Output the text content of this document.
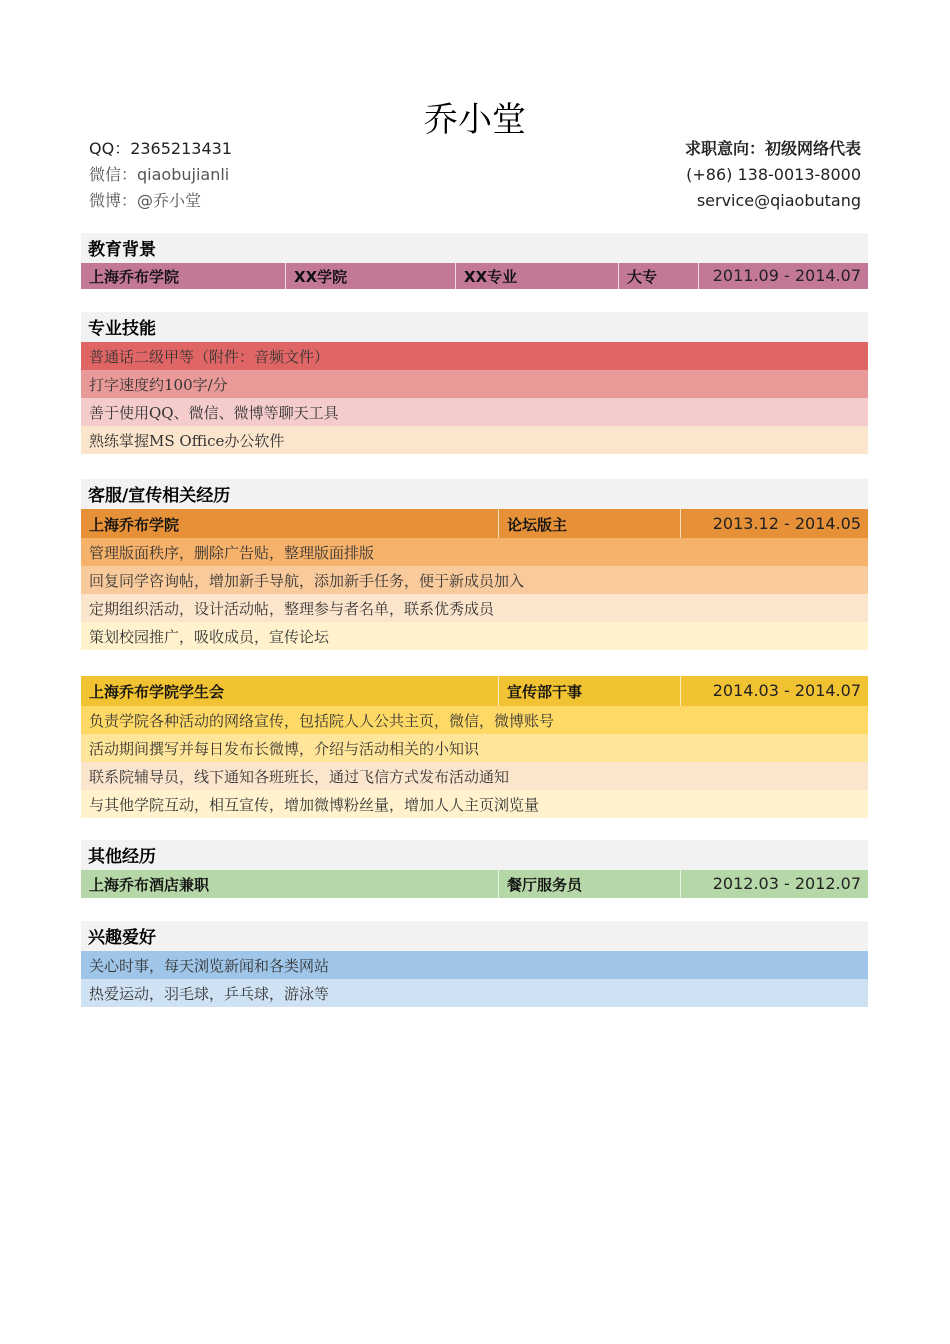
乔小堂
QQ：2365213431
微信：qiaobujianli
微博：@乔小堂
求职意向：初级网络代表
(+86) 138-0013-8000
service@qiaobutang
教育背景
上海乔布学院	XX学院	XX专业	大专	2011.09 - 2014.07
专业技能
普通话二级甲等（附件：音频文件）
打字速度约100字/分
善于使用QQ、微信、微博等聊天工具
熟练掌握MS Office办公软件
客服/宣传相关经历
上海乔布学院	论坛版主	2013.12 - 2014.05
管理版面秩序，删除广告贴，整理版面排版
回复同学咨询帖，增加新手导航，添加新手任务，便于新成员加入
定期组织活动，设计活动帖，整理参与者名单，联系优秀成员
策划校园推广，吸收成员，宣传论坛
上海乔布学院学生会	宣传部干事	2014.03 - 2014.07
负责学院各种活动的网络宣传，包括院人人公共主页，微信，微博账号
活动期间撰写并每日发布长微博，介绍与活动相关的小知识
联系院辅导员，线下通知各班班长，通过飞信方式发布活动通知
与其他学院互动，相互宣传，增加微博粉丝量，增加人人主页浏览量
其他经历
上海乔布酒店兼职	餐厅服务员	2012.03 - 2012.07
兴趣爱好
关心时事，每天浏览新闻和各类网站
热爱运动，羽毛球，乒乓球，游泳等
